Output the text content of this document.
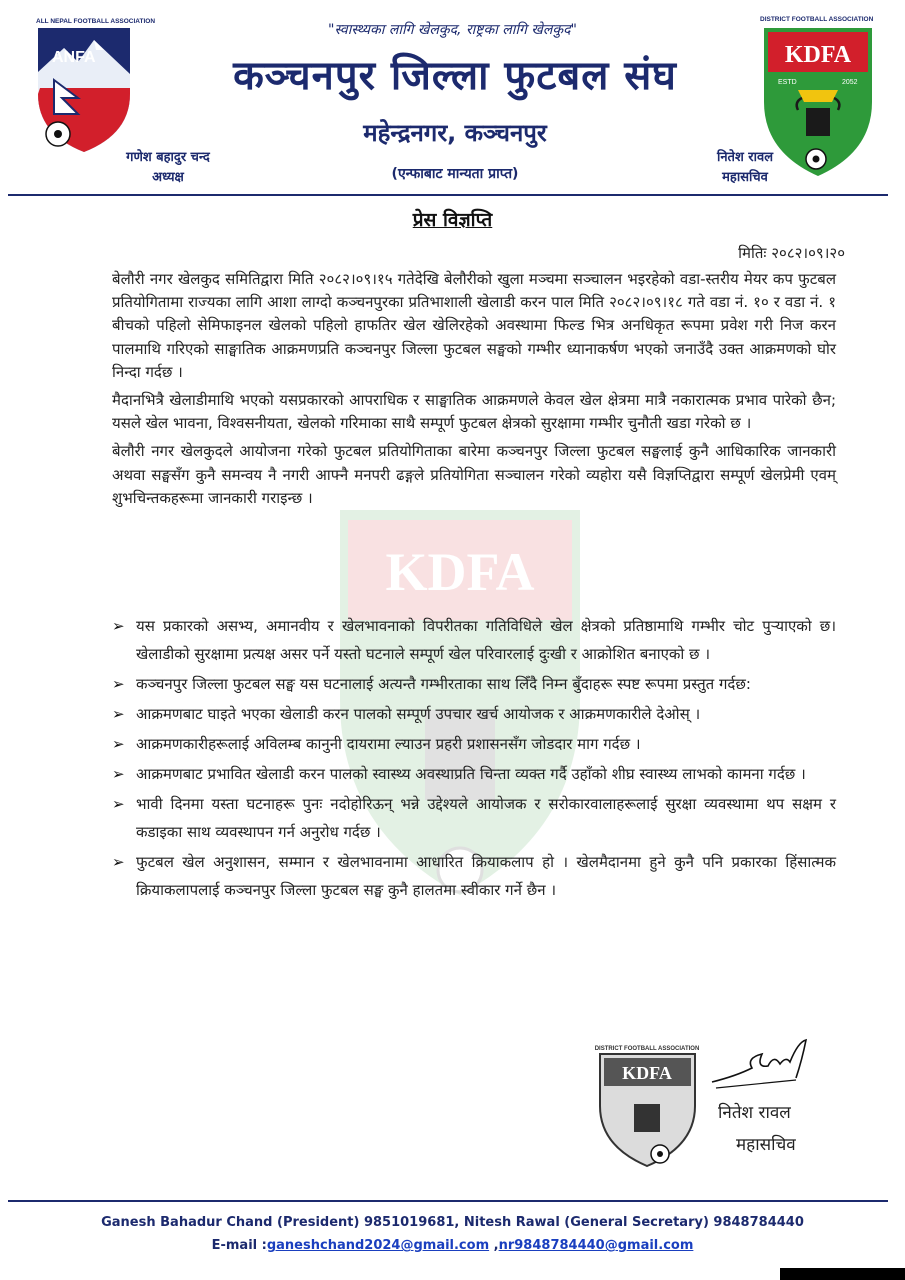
ALL NEPAL FOOTBALL ASSOCIATION
ANFA
गणेश बहादुर चन्द
अध्यक्ष
"स्वास्थ्यका लागि खेलकुद, राष्ट्रका लागि खेलकुद"
कञ्चनपुर जिल्ला फुटबल संघ
महेन्द्रनगर, कञ्चनपुर
(एन्फाबाट मान्यता प्राप्त)
DISTRICT FOOTBALL ASSOCIATION
KDFA
ESTD	2052
नितेश रावल
महासचिव
KDFA
प्रेस विज्ञप्ति
मितिः २०८२।०९।२०

बेलौरी नगर खेलकुद समितिद्वारा मिति २०८२।०९।१५ गतेदेखि बेलौरीको खुला मञ्चमा सञ्चालन भइरहेको वडा-स्तरीय मेयर कप फुटबल प्रतियोगितामा राज्यका लागि आशा लाग्दो कञ्चनपुरका प्रतिभाशाली खेलाडी करन पाल मिति २०८२।०९।१८ गते वडा नं. १० र वडा नं. १ बीचको पहिलो सेमिफाइनल खेलको पहिलो हाफतिर खेल खेलिरहेको अवस्थामा फिल्ड भित्र अनधिकृत रूपमा प्रवेश गरी निज करन पालमाथि गरिएको साङ्घातिक आक्रमणप्रति कञ्चनपुर जिल्ला फुटबल सङ्घको गम्भीर ध्यानाकर्षण भएको जनाउँदै उक्त आक्रमणको घोर निन्दा गर्दछ ।

मैदानभित्रै खेलाडीमाथि भएको यसप्रकारको आपराधिक र साङ्घातिक आक्रमणले केवल खेल क्षेत्रमा मात्रै नकारात्मक प्रभाव पारेको छैन; यसले खेल भावना, विश्वसनीयता, खेलको गरिमाका साथै सम्पूर्ण फुटबल क्षेत्रको सुरक्षामा गम्भीर चुनौती खडा गरेको छ ।

बेलौरी नगर खेलकुदले आयोजना गरेको फुटबल प्रतियोगिताका बारेमा कञ्चनपुर जिल्ला फुटबल सङ्घलाई कुनै आधिकारिक जानकारी अथवा सङ्घसँग कुनै समन्वय नै नगरी आफ्नै मनपरी ढङ्गले प्रतियोगिता सञ्चालन गरेको व्यहोरा यसै विज्ञप्तिद्वारा सम्पूर्ण खेलप्रेमी एवम् शुभचिन्तकहरूमा जानकारी गराइन्छ ।

➢ यस प्रकारको असभ्य, अमानवीय र खेलभावनाको विपरीतका गतिविधिले खेल क्षेत्रको प्रतिष्ठामाथि गम्भीर चोट पुर्‍याएको छ। खेलाडीको सुरक्षामा प्रत्यक्ष असर पर्ने यस्तो घटनाले सम्पूर्ण खेल परिवारलाई दुःखी र आक्रोशित बनाएको छ ।
➢ कञ्चनपुर जिल्ला फुटबल सङ्घ यस घटनालाई अत्यन्तै गम्भीरताका साथ लिँदै निम्न बुँदाहरू स्पष्ट रूपमा प्रस्तुत गर्दछ:
➢ आक्रमणबाट घाइते भएका खेलाडी करन पालको सम्पूर्ण उपचार खर्च आयोजक र आक्रमणकारीले देओस् ।
➢ आक्रमणकारीहरूलाई अविलम्ब कानुनी दायरामा ल्याउन प्रहरी प्रशासनसँग जोडदार माग गर्दछ ।
➢ आक्रमणबाट प्रभावित खेलाडी करन पालको स्वास्थ्य अवस्थाप्रति चिन्ता व्यक्त गर्दै उहाँको शीघ्र स्वास्थ्य लाभको कामना गर्दछ ।
➢ भावी दिनमा यस्ता घटनाहरू पुनः नदोहोरिऊन् भन्ने उद्देश्यले आयोजक र सरोकारवालाहरूलाई सुरक्षा व्यवस्थामा थप सक्षम र कडाइका साथ व्यवस्थापन गर्न अनुरोध गर्दछ ।
➢ फुटबल खेल अनुशासन, सम्मान र खेलभावनामा आधारित क्रियाकलाप हो । खेलमैदानमा हुने कुनै पनि प्रकारका हिंसात्मक क्रियाकलापलाई कञ्चनपुर जिल्ला फुटबल सङ्घ कुनै हालतमा स्वीकार गर्ने छैन ।
DISTRICT FOOTBALL ASSOCIATION
KDFA
नितेश रावल
महासचिव
Ganesh Bahadur Chand (President) 9851019681, Nitesh Rawal (General Secretary) 9848784440
E-mail :ganeshchand2024@gmail.com ,nr9848784440@gmail.com
